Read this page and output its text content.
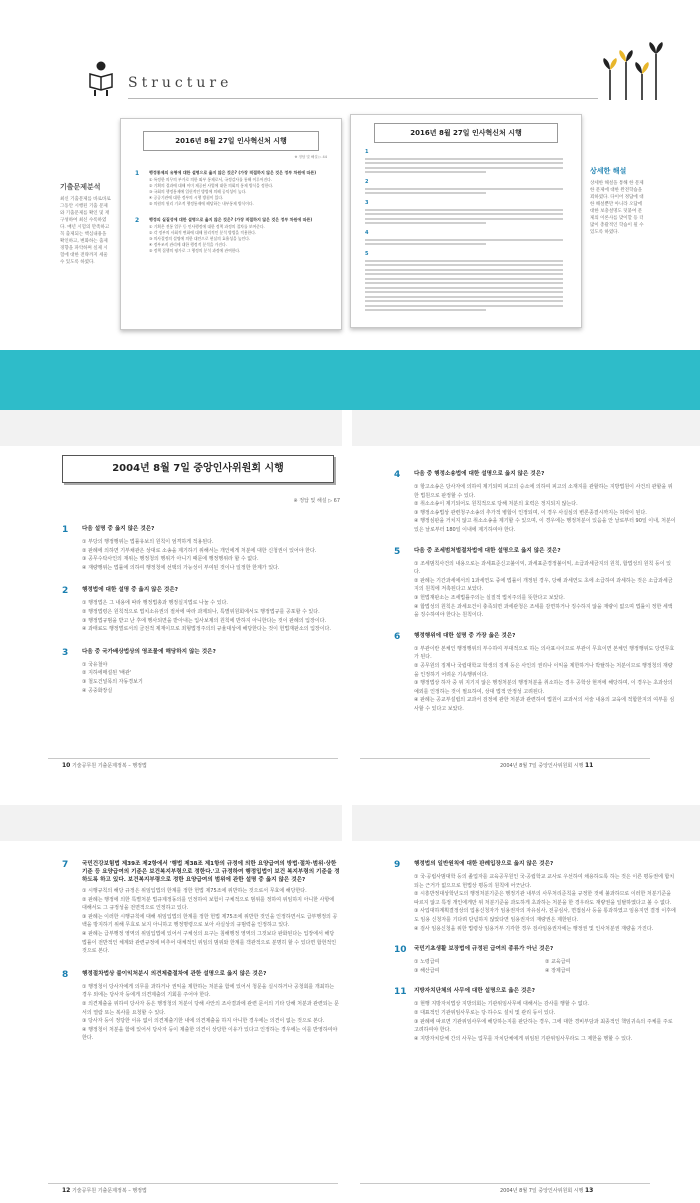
Structure
기출문제분석
최신 기출문제를 바로바로 그동안 시행된 기출 문제와 기출문제를 확인 및 재구성하여 최신 수록하였다. 매년 시험의 만족하고 꼭 출제되는 핵심내용을 확인하고, 변화하는 출제경향을 파악하며 실제 시험에 대한 전략까지 세울 수 있도록 하였다.
상세한 해설
상세한 해설을 통해 한 문제 한 문제에 대한 완전학습을 꾀하였다. 다이어 정답에 대한 해설뿐만 아니라 오답에 대한 보충설명도 덧붙여 문제의 이론사를 맞이할 등 더 많이 총괄적인 학습이 될 수 있도록 하였다.
2016년 8월 27일 인사혁신처 시행
※ 정답 및 해설 ▷ 44
1	행정통제의 유형에 대한 설명으로 옳지 않은 것은? (가장 적절하지 않은 것은 정부 차원에 따른)
① 특정한 의무의 부가로 의한 외부 통제로서, 국정감사를 통해 이루어진다.
② 기획의 결과에 대해 이미 제공된 사업에 대한 의회의 통제 방식을 정한다.
③ 국회의 행정통제에 입헌적인 방법에 의해 공익성이 높다.
④ 공공기관에 대한 정부의 시행 방침이 있다.
⑤ 의원의 원리 기초적 행정통제에 해당하는 내부통제 방식이다.
2	행정의 실질성에 대한 설명으로 옳지 않은 것은? (가장 적절하지 않은 것은 정부 차원에 따른)
① 기획은 전통 업무 등 인사행정에 대한 정책 과정의 절차를 보여준다.
② 각 정부의 사회적 변화에 대해 합리적인 분석 방법을 적용한다.
③ 의사결정의 설명에 의한 대안으로 현실의 효율성을 높인다.
④ 정부조직 관리에 대한 행정적 분석을 가진다.
⑤ 정책 집행의 평가로 그 행정의 분석 과정에 관여한다.
2016년 8월 27일 인사혁신처 시행
1
2
3
4
5
2004년 8월 7일 중앙인사위원회 시행
※ 정답 및 해설 ▷ 67
1	다음 설명 중 옳지 않은 것은?
① 부당의 행정행위는 법률유보의 원칙이 엄격하게 적용된다.
② 판례에 의하면 기부채관은 상대로 소송을 제기하기 위해서는 개인에게 처분에 대한 신청권이 있어야 한다.
③ 공무수탁사인의 재위는 행정청의 행위가 아니기 때문에 행정행위라 할 수 없다.
④ 재량행위는 법률에 의하여 행정청에 선택의 가능성이 부여된 것이나 일정한 한계가 있다.
2	행정법에 대한 설명 중 옳지 않은 것은?
① 행정법은 그 내용에 따라 행정법총과 행정실지법로 나눌 수 있다.
② 행정법령은 원칙적으로 법치소유권의 절차에 따라 과제되나, 특별위원회에서도 행정법규를 공포할 수 있다.
③ 행정법규범을 받고 난 후에 행사되면을 받아내는 입사보제의 원칙에 반하지 아니한다는 것이 판례의 입장이다.
④ 과태료도 행정벌로서의 금전적 제재이므로 죄형법정주의의 규율대상에 해당한다는 것이 헌법재판소의 입장이다.
3	다음 중 국가배상법상의 영조물에 해당하지 않는 것은?
① 국유철야
② 지하에매설된 '배관'
③ 철도건널목의 자동경보기
④ 공중화장실
4	다음 중 행정소송법에 대한 설명으로 옳지 않은 것은?
① 항고소송은 당사자에 의하여 제기되며 피고의 승소에 의하여 피고의 소재지를 관할하는 지방법원이 사건의 관할을 위한 법원으로 판정할 수 있다.
② 취소소송이 제기되어도 원칙적으로 당해 처분의 효력은 정지되지 않는다.
③ 행정소송법상 관련청구소송의 추가적 병합이 인정되며, 이 경우 사실심의 변론종결시까지는 허락이 된다.
④ 행정심판을 거치지 않고 취소소송을 제기할 수 있으며, 이 경우에는 행정처분이 있음을 안 날로부터 90일 이내, 처분이 있은 날로부터 180일 이내에 제기하여야 한다.
5	다음 중 조세범처벌절차법에 대한 설명으로 옳지 않은 것은?
① 조세범칙사건의 내용으로는 과세표준신고불이익, 과세표준경정불이익, 소급과세금지의 원칙, 합법성의 원칙 등이 있다.
② 판례는 기간과세에서의 1과세연도 중에 법률이 개정된 경우, 당해 과세연도 초에 소급하여 과세하는 것은 소급과세금지의 원칙에 저촉된다고 보았다.
③ 헌법재판소는 조세법률주의는 실질적 법치주의를 뜻한다고 보았다.
④ 합법성의 원칙은 과세요건이 충족되면 과세관청은 조세를 감면하거나 징수하지 않을 재량이 없으며 법률이 정한 세액을 징수하여야 한다는 원칙이다.
6	행정행위에 대한 설명 중 가장 옳은 것은?
① 부관이란 본체인 행정행위의 부수하여 부대적으로 하는 의사표시이므로 부관이 무효이면 본체인 행정행위도 당연무효가 된다.
② 공무원의 징계나 국립대학교 학생의 징계 등은 사인의 권리나 이익을 제한하거나 박탈하는 처분이므로 행정청의 재량을 인정하기 어려운 기속행위이다.
③ 행정법상 하자 중 위 지기지 않은 행정처분의 행정처분을 취소하는 경우 공학상 현저에 해당하며, 이 경우는 초과상의 예외를 인정하는 것이 필요하여, 상대 법적 안정성 고려된다.
④ 판례는 공교부설립의 교과서 검정에 관한 처분과 관련하여 법원이 교과서의 서술 내용의 교육에 적합한지의 여부를 심사할 수 있다고 보았다.
10 기술공무원 기출문제정복 – 행정법	2004년 8월 7일 중앙인사위원회 시행 11
7	국민건강보험법 제39조 제2항에서 '행법 제38조 제1항의 규정에 의한 요양급여의 방법·절차·범위·상한기준 등 요양급여의 기준은 보건복지부령으로 정한다.'고 규정하여 행정입법이 보건 복지부령의 기준을 정하도록 하고 있다. 보건복지부령으로 정한 요양급여의 범위에 관한 설명 중 옳지 않은 것은?
① 시행규칙의 해당 규정은 위임입법의 한계를 정한 헌법 제75조에 위반하는 것으로서 무효에 해당한다.
② 판례는 행정에 의한 특별처분 법규제정동의를 인정하여 보험이 구체적으로 범위를 정하여 위임하지 아니한 사항에 대해서도 그 규정성을 전면적으로 인정하고 있다.
③ 판례는 이러한 시행규칙에 대해 위임입법의 한계를 정한 헌법 제75조에 위반한 것인을 인정하면서도 급부행정의 공백을 방지하기 위해 무효로 보지 아니하고 행정명령으로 보아 사실상의 규범력을 인정하고 있다.
④ 판례는 급부행정 영역의 위임입법에 있어서 구체성의 요구는 침해행정 영역의 그것보다 완화된다는 입장에서 해당 법률이 전반적인 체계와 관련규정에 비추어 대체적인 위임의 범위와 한계를 객관적으로 분명히 할 수 있다면 합헌적인 것으로 본다.
8	행정절차법상 불이익처분시 의견제출절차에 관한 설명으로 옳지 않은 것은?
① 행정청이 당사자에게 의무를 과하거나 권익을 제한하는 처분을 함에 있어서 청문을 실시하거나 공청회를 개최하는 경우 외에는 당사자 등에게 의견제출의 기회를 주어야 한다.
② 의견제출을 위하여 당사자 등은 행정청의 처분이 당해 사안의 조사결과에 관련 문서의 기타 당해 처분과 관련되는 문서의 열람 또는 복사를 요청할 수 있다.
③ 당사자 등이 정당한 이유 없이 의견제출기한 내에 의견제출을 하지 아니한 경우에는 의견이 없는 것으로 본다.
④ 행정청이 처분을 함에 있어서 당사자 등이 제출한 의견이 상당한 이유가 있다고 인정하는 경우에는 이를 반영하여야 한다.
9	행정법의 일반원칙에 대한 판례입장으로 옳지 않은 것은?
① 국·공립사범대학 등의 졸업자를 교육공무원인 국·공립학교 교사로 우선하여 채용하도록 하는 것은 이른 평등권에 합치되는 근거가 없으므로 헌법상 평등의 원칙에 어긋난다.
② 시흥반정대상학년도의 행정처분기준은 행정기관 내부의 사무처리준칙을 규정한 것에 불과하므로 이러한 처분기준을 따르지 않고 특정 개인에게만 위 처분기준을 과도하게 초과하는 처분을 한 경우라도 재량권을 일탈하였다고 볼 수 없다.
③ 사업대하계획결정상의 업용신청자가 임용권자의 자유심사, 전공심사, 면접심사 등을 통과하였고 임용지연 결정 이후에도 임용 신청자를 기다려 단념하지 않았다면 임용권자의 재량권은 제한된다.
④ 검사 임용신청을 위한 법령상 임용거부 기각한 경우 검사임용권자에는 행정권 및 인사처분권 재량을 가진다.
10	국민기초생활 보장법에 규정된 급여의 종류가 아닌 것은?
① 노령급여	② 교육급여
③ 해산급여	④ 장제급여
11	지방자치단체의 사무에 대한 설명으로 옳은 것은?
① 현행 지방자치법상 지방의회는 기관위임사무에 대해서는 감사를 행할 수 없다.
② 대표적인 기관위임사무로는 당·하수도 설치 및 관리 등이 있다.
③ 판례에 따르면 기관위임사무에 해당하는지를 판단하는 경우, 그에 대한 경비부담과 최종적인 책임귀속의 주체를 주로 고려하여야 한다.
④ 지방자치단체 간의 사무는 업무를 자치단체에게 위임된 기관위임사무라도 그 제한을 행할 수 있다.
12 기술공무원 기출문제정복 – 행정법	2004년 8월 7일 중앙인사위원회 시행 13
